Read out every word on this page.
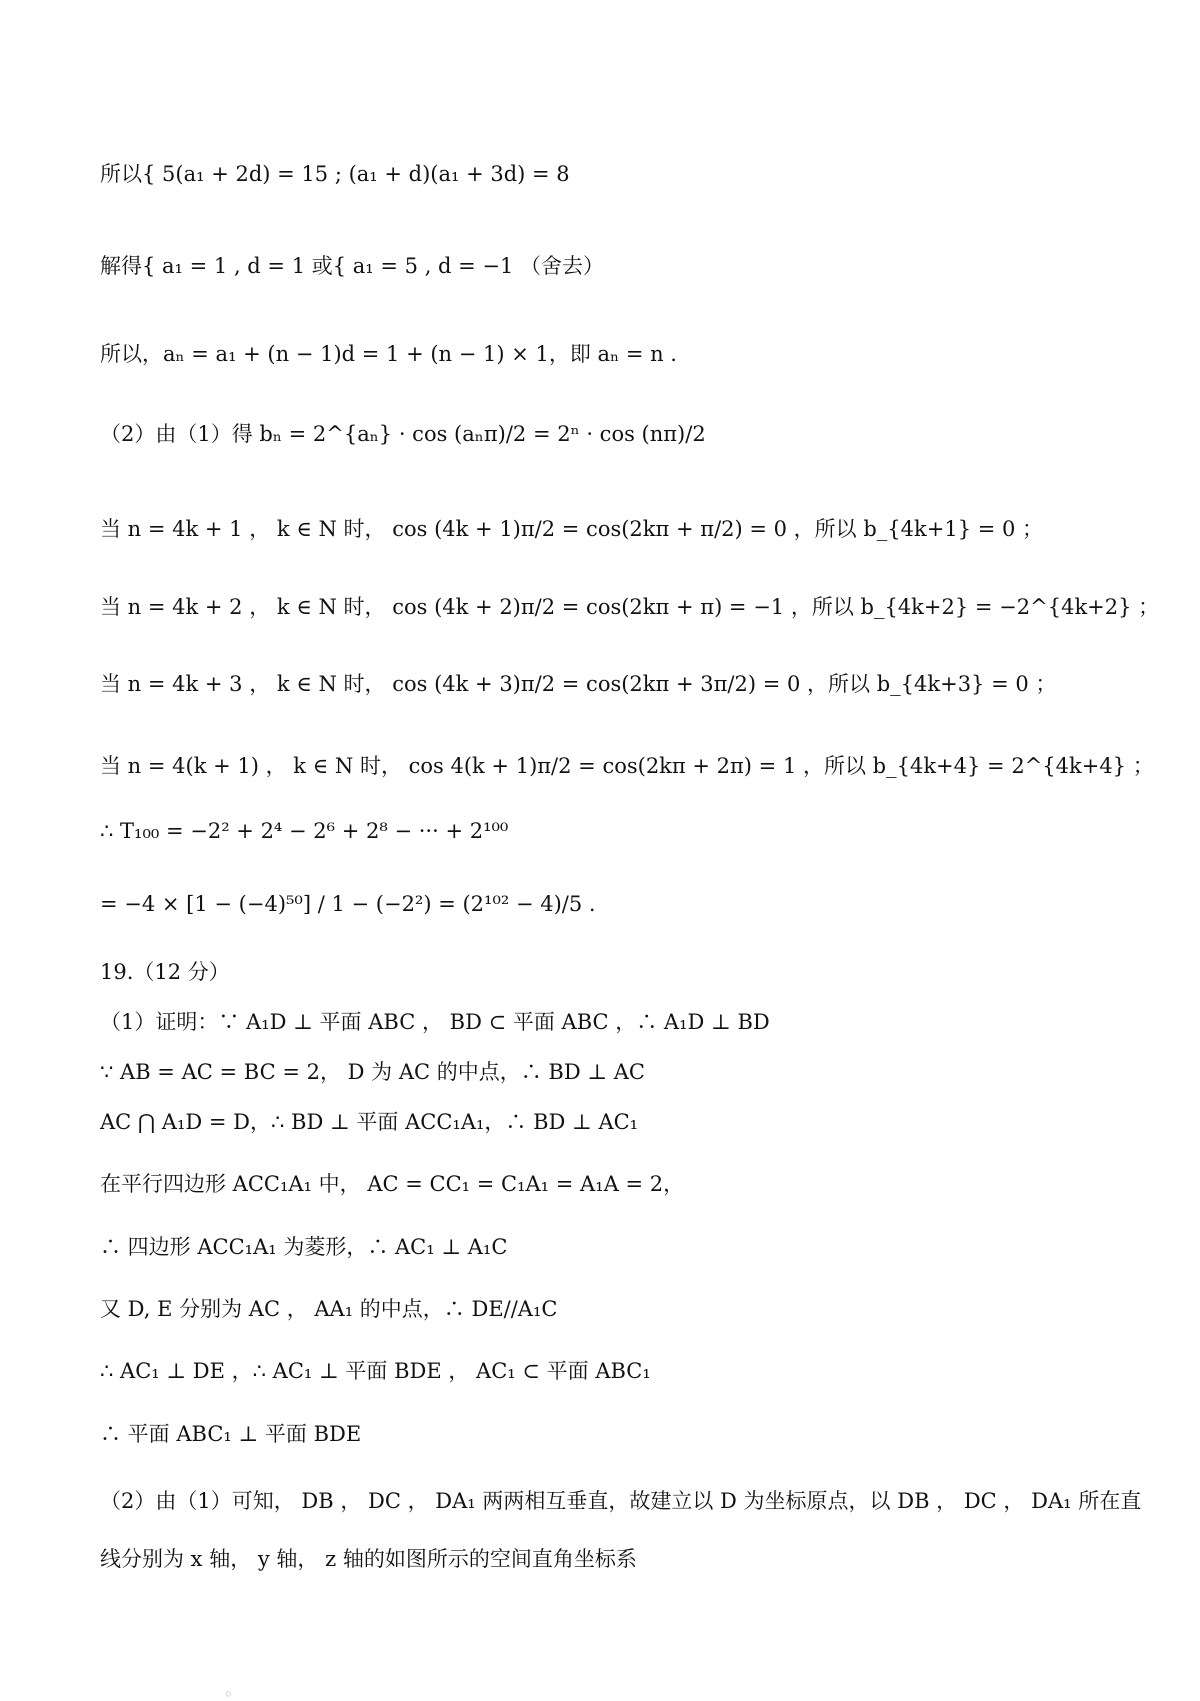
所以{ 5(a₁ + 2d) = 15 ; (a₁ + d)(a₁ + 3d) = 8
解得{ a₁ = 1 , d = 1 或{ a₁ = 5 , d = −1 （舍去）
所以，aₙ = a₁ + (n − 1)d = 1 + (n − 1) × 1，即 aₙ = n .
（2）由（1）得 bₙ = 2^{aₙ} · cos (aₙπ)/2 = 2ⁿ · cos (nπ)/2
当 n = 4k + 1 ， k ∈ N 时， cos (4k + 1)π/2 = cos(2kπ + π/2) = 0 ，所以 b_{4k+1} = 0 ；
当 n = 4k + 2 ， k ∈ N 时， cos (4k + 2)π/2 = cos(2kπ + π) = −1 ，所以 b_{4k+2} = −2^{4k+2} ；
当 n = 4k + 3 ， k ∈ N 时， cos (4k + 3)π/2 = cos(2kπ + 3π/2) = 0 ，所以 b_{4k+3} = 0 ；
当 n = 4(k + 1) ， k ∈ N 时， cos 4(k + 1)π/2 = cos(2kπ + 2π) = 1 ，所以 b_{4k+4} = 2^{4k+4} ；
∴ T₁₀₀ = −2² + 2⁴ − 2⁶ + 2⁸ − ··· + 2¹⁰⁰
= −4 × [1 − (−4)⁵⁰] / 1 − (−2²) = (2¹⁰² − 4)/5 .
19.（12 分）
（1）证明：∵ A₁D ⊥ 平面 ABC ， BD ⊂ 平面 ABC ，∴ A₁D ⊥ BD
∵ AB = AC = BC = 2， D 为 AC 的中点，∴ BD ⊥ AC
AC ⋂ A₁D = D，∴ BD ⊥ 平面 ACC₁A₁，∴ BD ⊥ AC₁
在平行四边形 ACC₁A₁ 中， AC = CC₁ = C₁A₁ = A₁A = 2，
∴ 四边形 ACC₁A₁ 为菱形，∴ AC₁ ⊥ A₁C
又 D, E 分别为 AC ， AA₁ 的中点，∴ DE//A₁C
∴ AC₁ ⊥ DE ，∴ AC₁ ⊥ 平面 BDE ， AC₁ ⊂ 平面 ABC₁
∴ 平面 ABC₁ ⊥ 平面 BDE
（2）由（1）可知， DB ， DC ， DA₁ 两两相互垂直，故建立以 D 为坐标原点，以 DB ， DC ， DA₁ 所在直
线分别为 x 轴， y 轴， z 轴的如图所示的空间直角坐标系
。
